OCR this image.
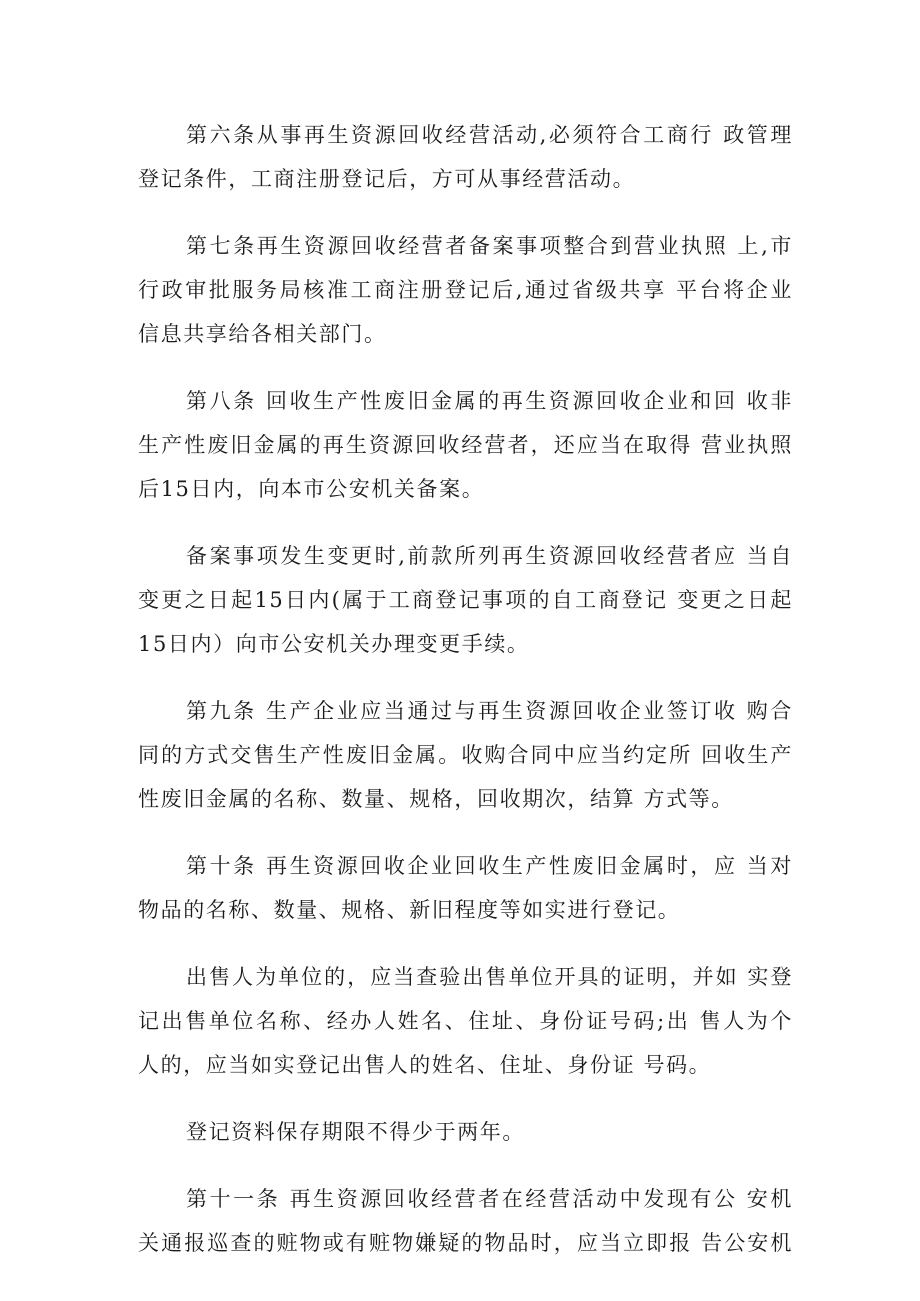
第六条从事再生资源回收经营活动,必须符合工商行 政管理
登记条件，工商注册登记后，方可从事经营活动。
第七条再生资源回收经营者备案事项整合到营业执照 上,市
行政审批服务局核准工商注册登记后,通过省级共享 平台将企业
信息共享给各相关部门。
第八条 回收生产性废旧金属的再生资源回收企业和回 收非
生产性废旧金属的再生资源回收经营者，还应当在取得 营业执照
后15日内，向本市公安机关备案。
备案事项发生变更时,前款所列再生资源回收经营者应 当自
变更之日起15日内(属于工商登记事项的自工商登记 变更之日起
15日内）向市公安机关办理变更手续。
第九条 生产企业应当通过与再生资源回收企业签订收 购合
同的方式交售生产性废旧金属。收购合同中应当约定所 回收生产
性废旧金属的名称、数量、规格，回收期次，结算 方式等。
第十条 再生资源回收企业回收生产性废旧金属时，应 当对
物品的名称、数量、规格、新旧程度等如实进行登记。
出售人为单位的，应当查验出售单位开具的证明，并如 实登
记出售单位名称、经办人姓名、住址、身份证号码;出 售人为个
人的，应当如实登记出售人的姓名、住址、身份证 号码。
登记资料保存期限不得少于两年。
第十一条 再生资源回收经营者在经营活动中发现有公 安机
关通报巡查的赃物或有赃物嫌疑的物品时，应当立即报 告公安机
